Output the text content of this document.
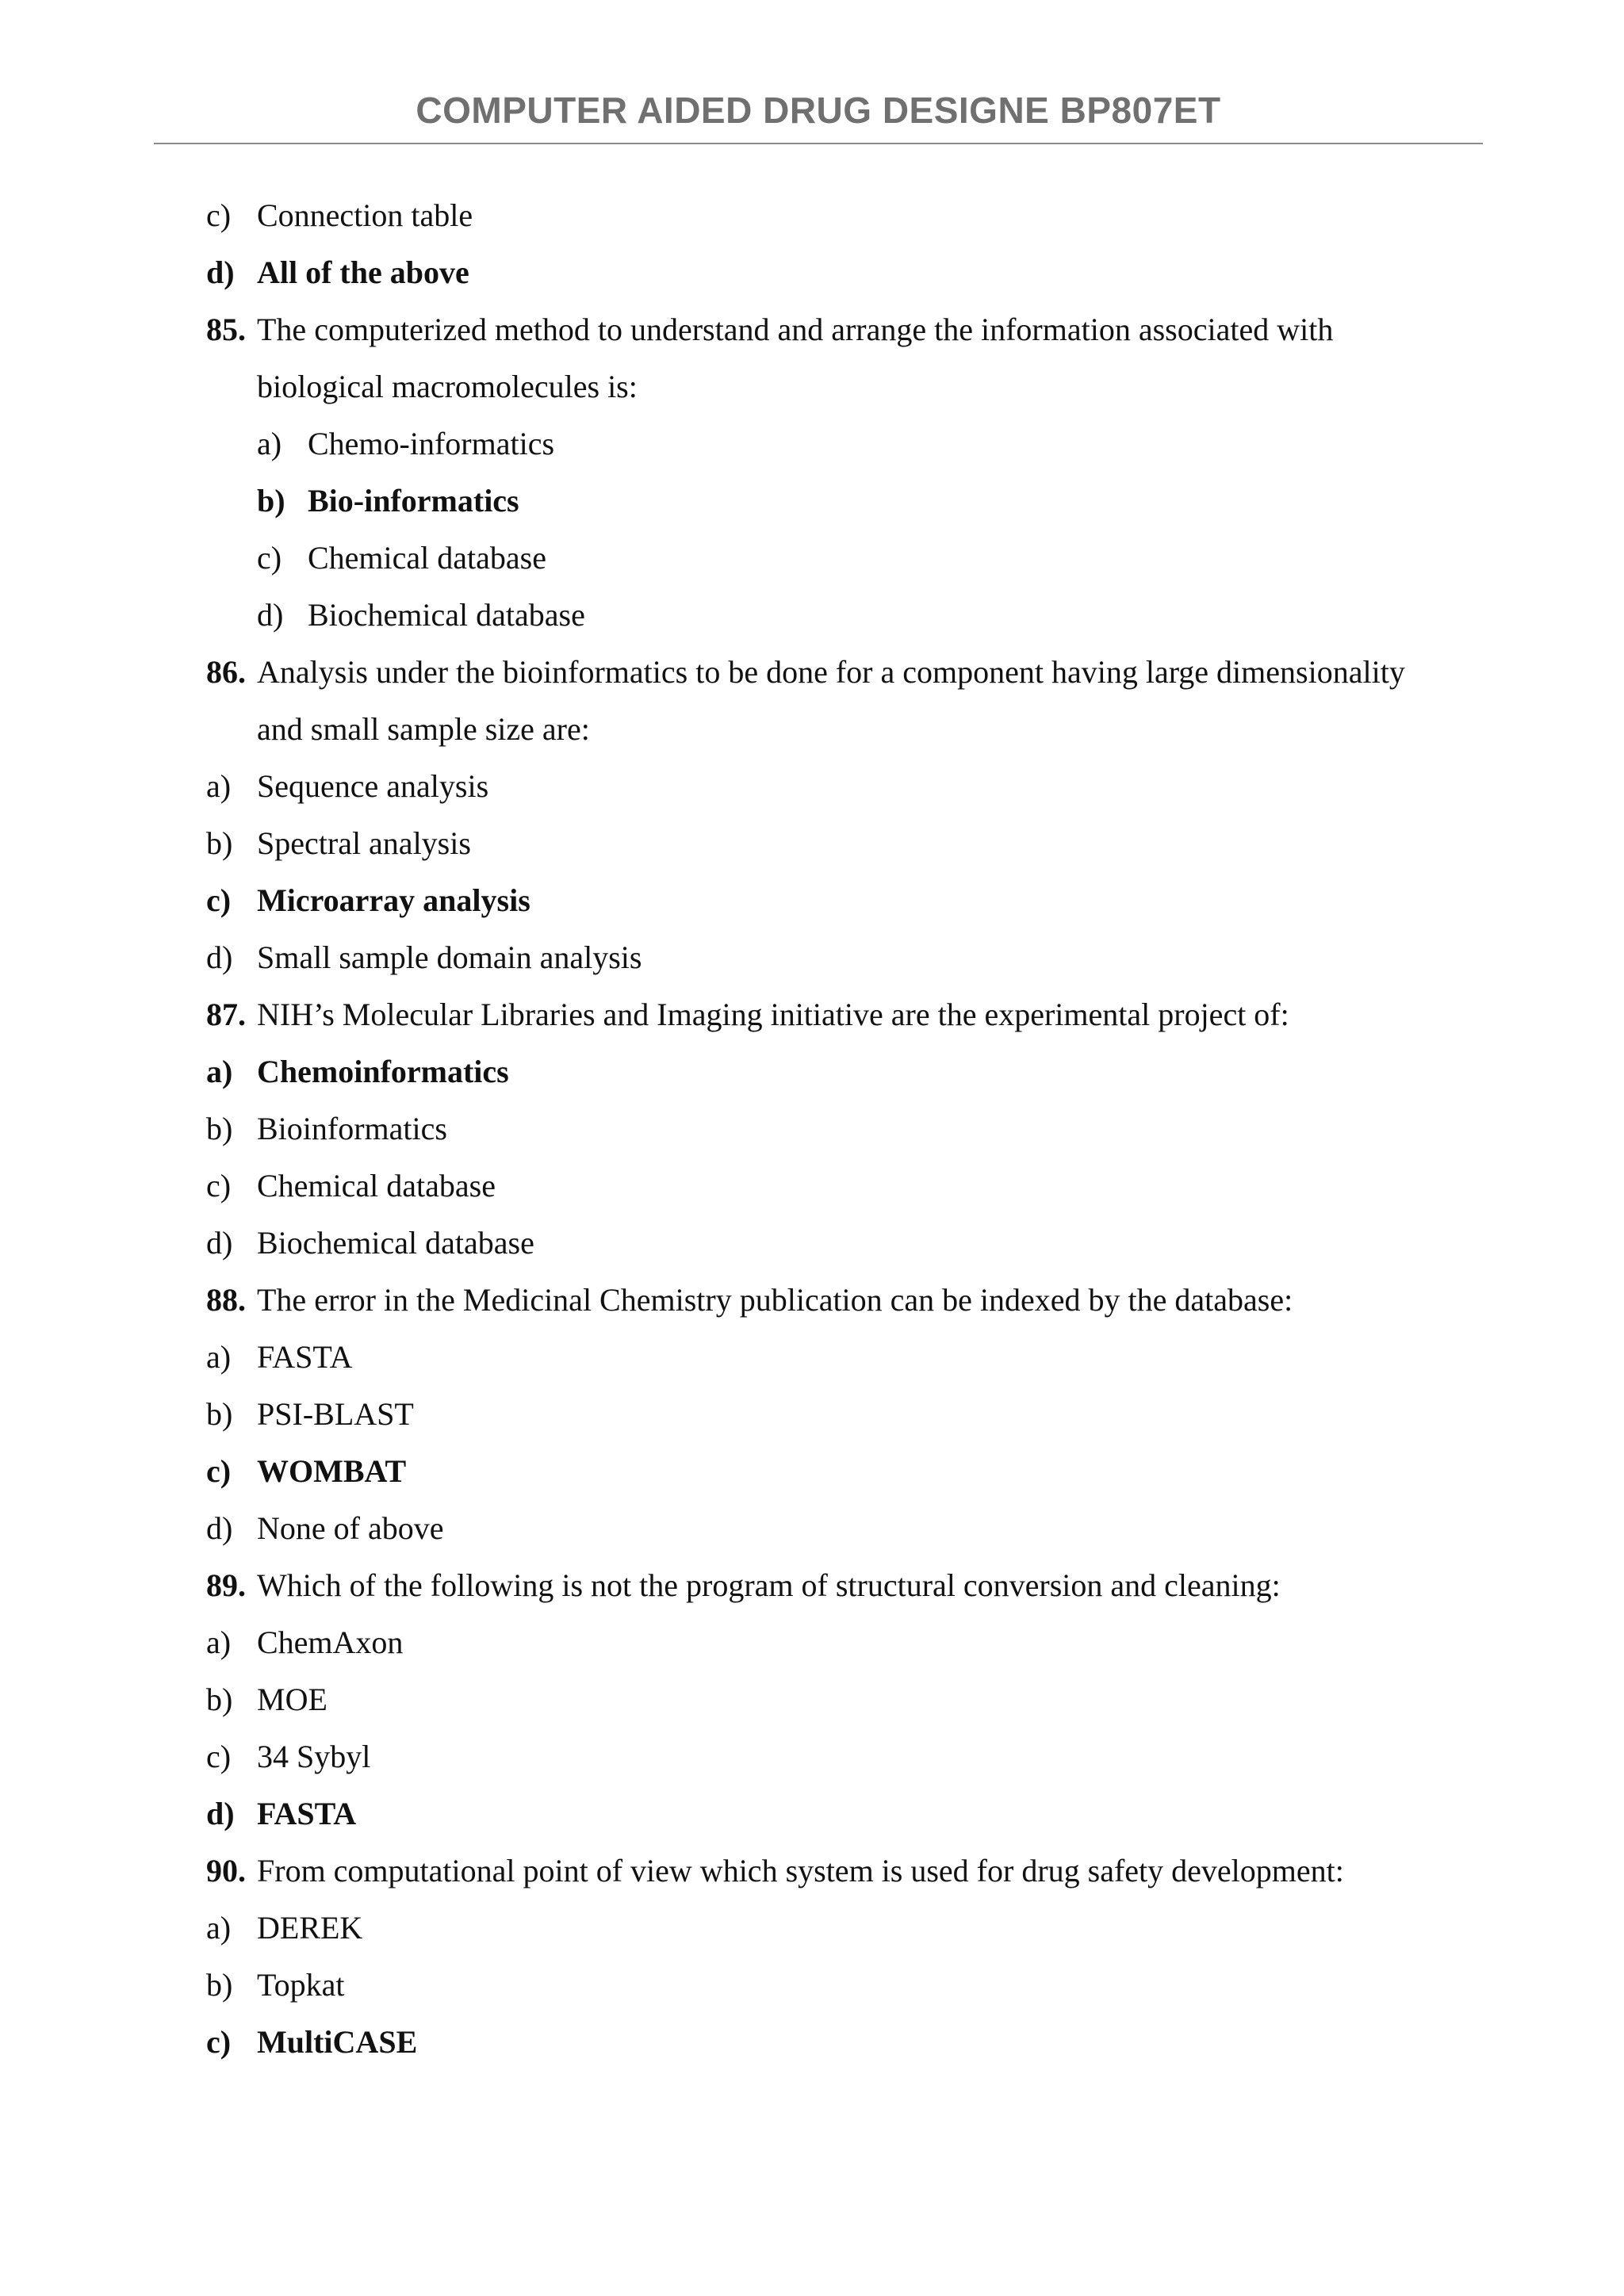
COMPUTER AIDED DRUG DESIGNE BP807ET
c) Connection table
d) All of the above
85. The computerized method to understand and arrange the information associated with
biological macromolecules is:
a) Chemo-informatics
b) Bio-informatics
c) Chemical database
d) Biochemical database
86. Analysis under the bioinformatics to be done for a component having large dimensionality
and small sample size are:
a) Sequence analysis
b) Spectral analysis
c) Microarray analysis
d) Small sample domain analysis
87. NIH’s Molecular Libraries and Imaging initiative are the experimental project of:
a) Chemoinformatics
b) Bioinformatics
c) Chemical database
d) Biochemical database
88. The error in the Medicinal Chemistry publication can be indexed by the database:
a) FASTA
b) PSI-BLAST
c) WOMBAT
d) None of above
89. Which of the following is not the program of structural conversion and cleaning:
a) ChemAxon
b) MOE
c) 34 Sybyl
d) FASTA
90. From computational point of view which system is used for drug safety development:
a) DEREK
b) Topkat
c) MultiCASE
